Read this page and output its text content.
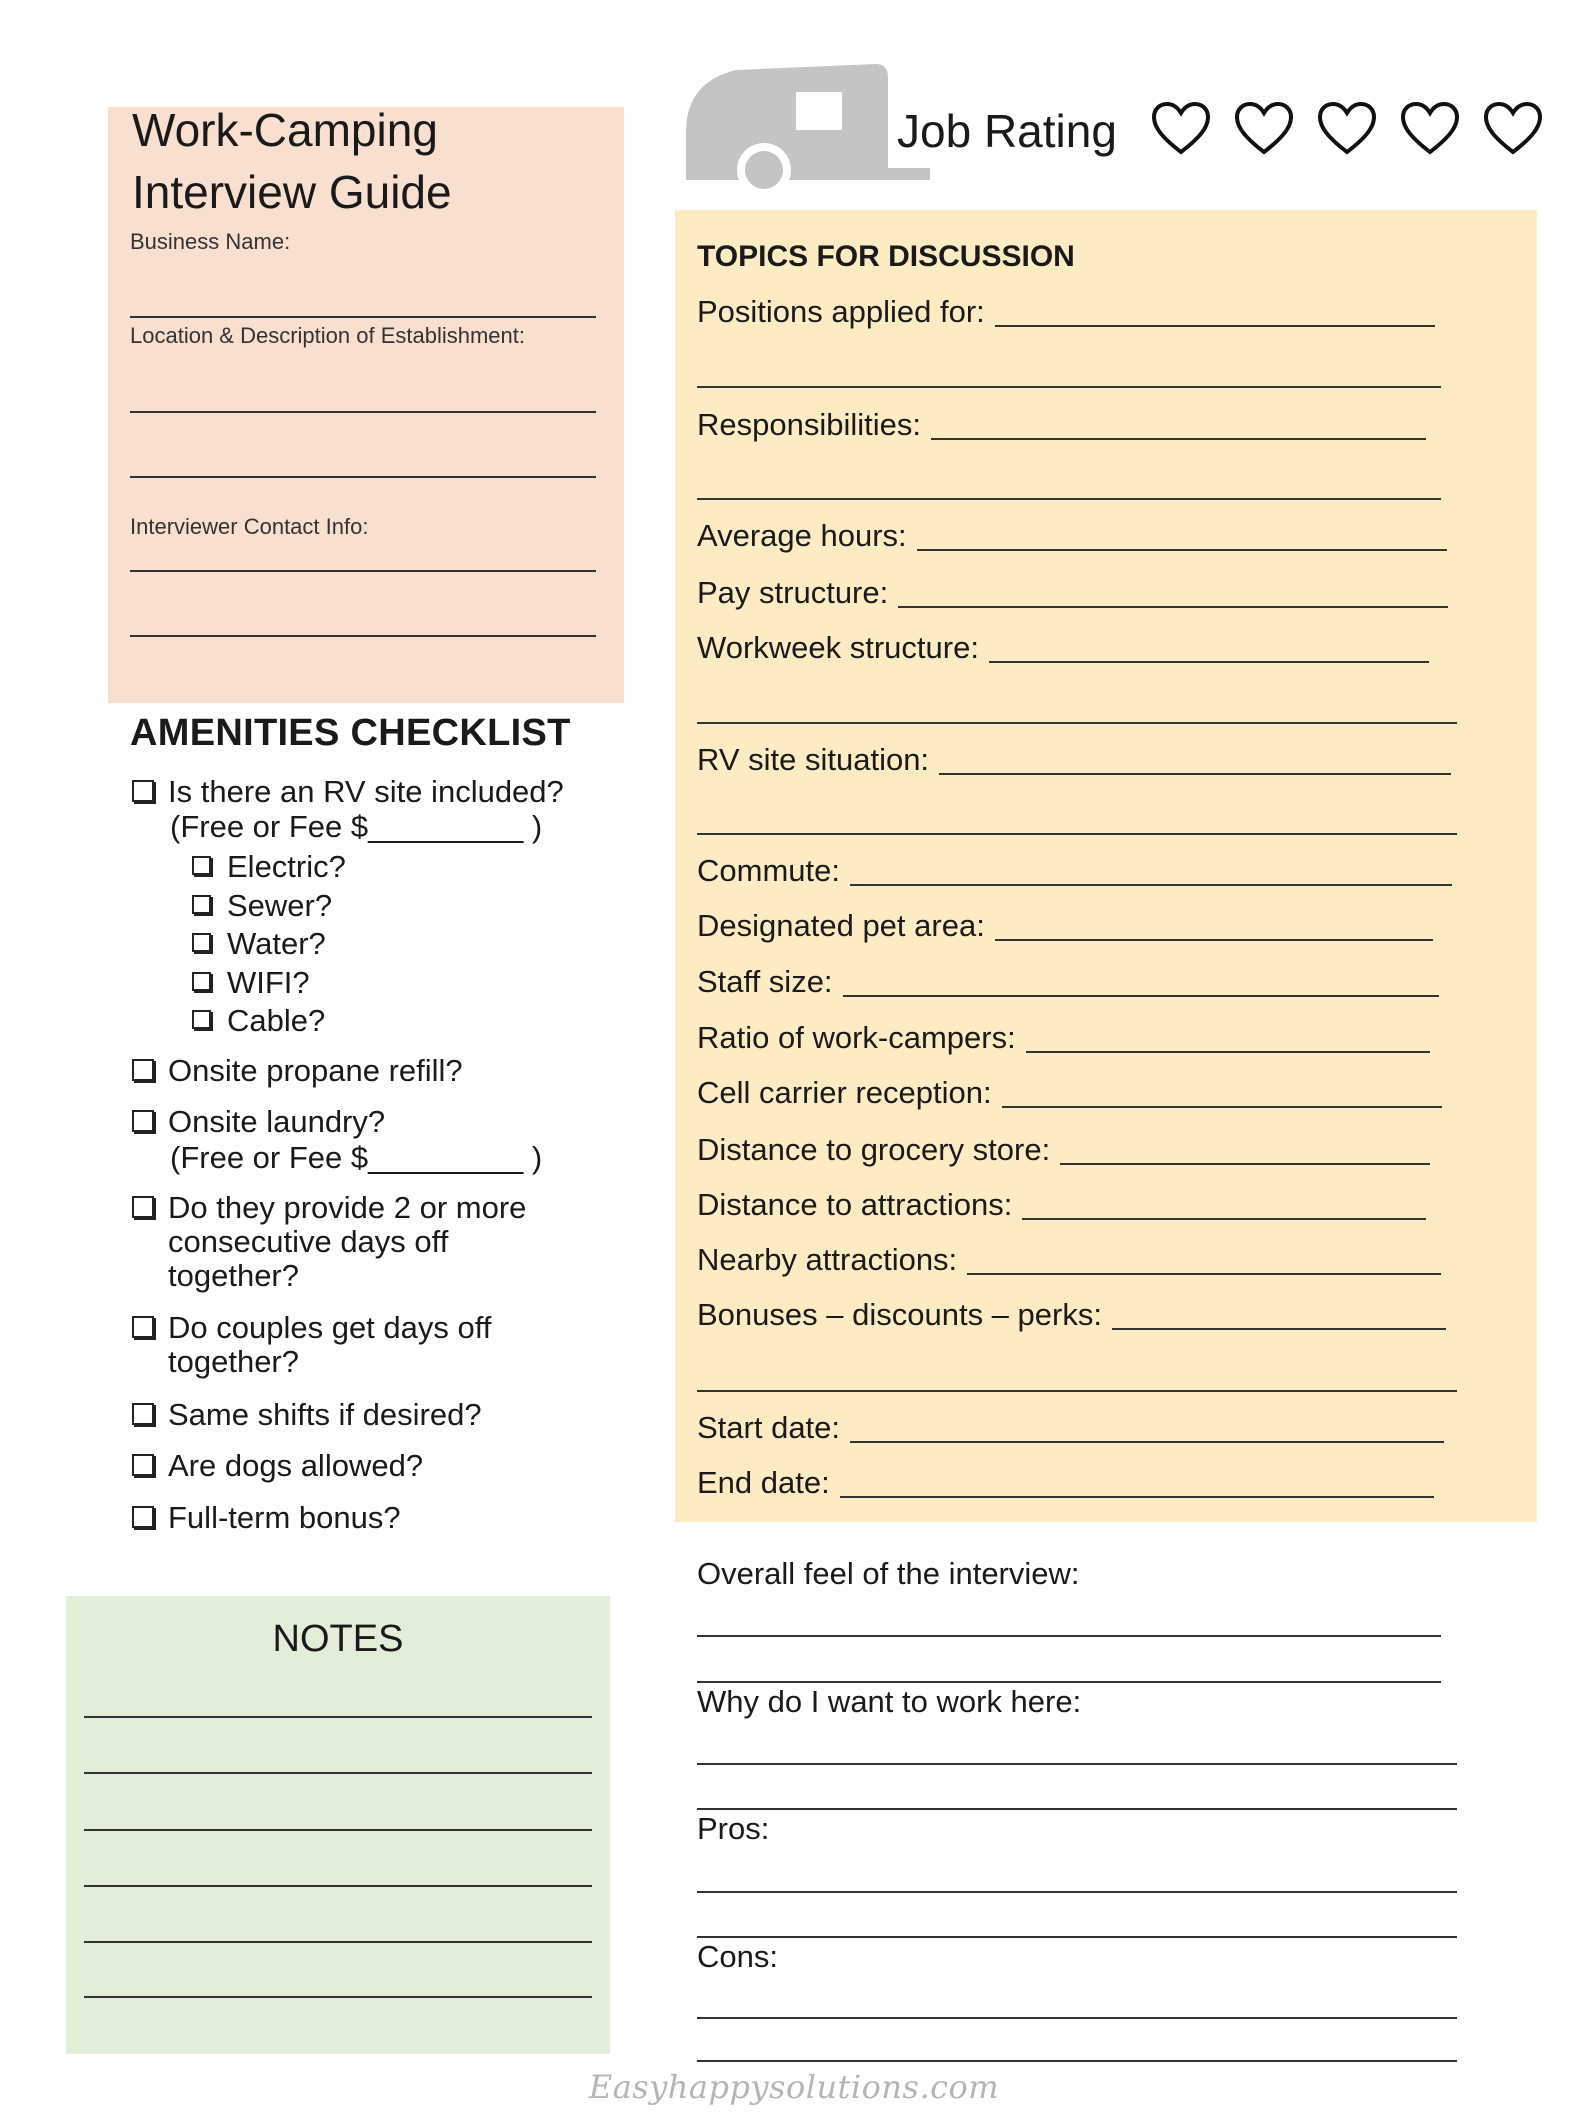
Work-Camping
Interview Guide
Business Name:
Location & Description of Establishment:
Interviewer Contact Info:
Job Rating
AMENITIES CHECKLIST
Is there an RV site included?
(Free or Fee $_________ )
Electric?
Sewer?
Water?
WIFI?
Cable?
Onsite propane refill?
Onsite laundry?
(Free or Fee $_________ )
Do they provide 2 or more
consecutive days off
together?
Do couples get days off
together?
Same shifts if desired?
Are dogs allowed?
Full-term bonus?
NOTES
TOPICS FOR DISCUSSION
Positions applied for:
Responsibilities:
Average hours:
Pay structure:
Workweek structure:
RV site situation:
Commute:
Designated pet area:
Staff size:
Ratio of work-campers:
Cell carrier reception:
Distance to grocery store:
Distance to attractions:
Nearby attractions:
Bonuses – discounts – perks:
Start date:
End date:
Overall feel of the interview:
Why do I want to work here:
Pros:
Cons:
Easyhappysolutions.com
